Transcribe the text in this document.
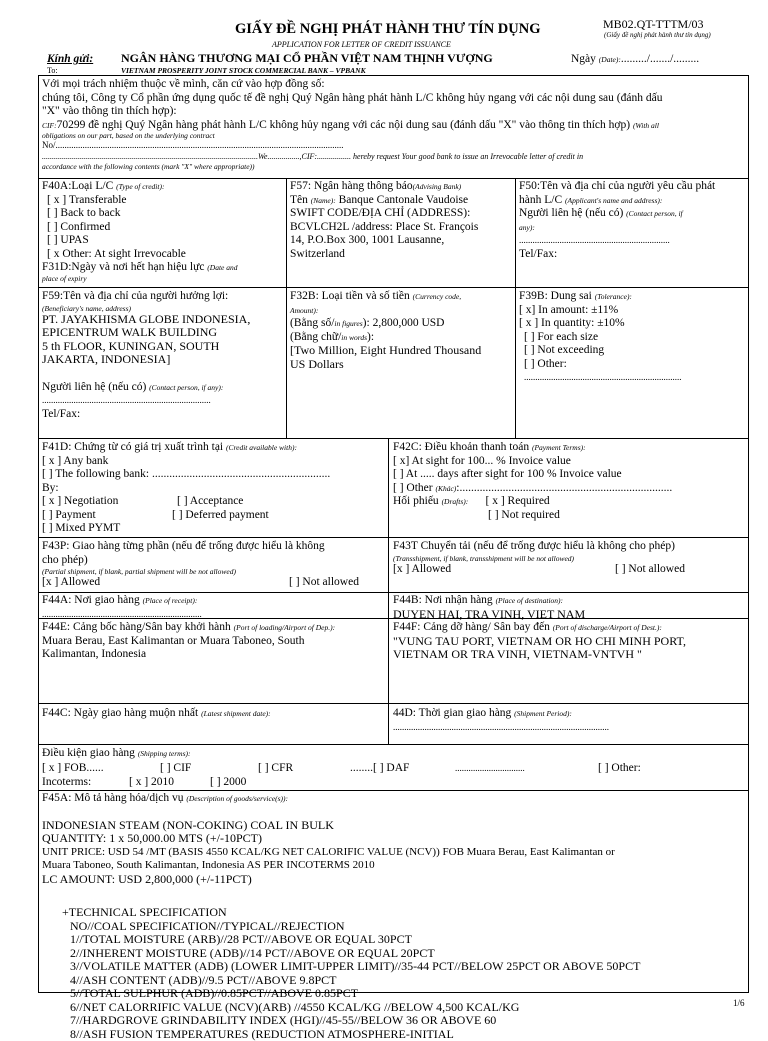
MB02.QT-TTTM/03
(Giấy đề nghị phát hành thư tín dụng)
GIẤY ĐỀ NGHỊ PHÁT HÀNH THƯ TÍN DỤNG
APPLICATION FOR LETTER OF CREDIT ISSUANCE
Kính gửi:
To:
NGÂN HÀNG THƯƠNG MẠI CỔ PHẦN VIỆT NAM THỊNH VƯỢNG
VIETNAM PROSPERITY JOINT STOCK COMMERCIAL BANK – VPBANK
Ngày (Date):........./......./.........
Với mọi trách nhiệm thuộc về mình, căn cứ vào hợp đồng số:
chúng tôi, Công ty Cổ phần ứng dụng quốc tế đề nghị Quý Ngân hàng phát hành L/C không hủy ngang với các nội dung sau (đánh dấu
"X" vào thông tin thích hợp):
CIF:70299 đề nghị Quý Ngân hàng phát hành L/C không hủy ngang với các nội dung sau (đánh dấu "X" vào thông tin thích hợp) (With all
obligations on our part, based on the underlying contract
No/................................................................................................................................
............................................................................................................We................,CIF:................. hereby request Your good bank to issue an Irrevocable letter of credit in
accordance with the following contents (mark "X" where appropriate))
F40A:Loại L/C (Type of credit):
[ x ] Transferable
[ ] Back to back
[ ] Confirmed
[ ] UPAS
[ x Other: At sight Irrevocable
F31D:Ngày và nơi hết hạn hiệu lực (Date and
place of expiry
F57: Ngân hàng thông báo(Advising Bank)
Tên (Name): Banque Cantonale Vaudoise
SWIFT CODE/ĐỊA CHỈ (ADDRESS):
BCVLCH2L /address: Place St. François
14, P.O.Box 300, 1001 Lausanne,
Switzerland
F50:Tên và địa chỉ của người yêu cầu phát
hành L/C (Applicant's name and address):
Người liên hệ (nếu có) (Contact person, if
any):
...................................................................
Tel/Fax:
F59:Tên và địa chỉ của người hưởng lợi:
(Beneficiary's name, address)
PT. JAYAKHISMA GLOBE INDONESIA,
EPICENTRUM WALK BUILDING
5 th FLOOR, KUNINGAN, SOUTH
JAKARTA, INDONESIA]
Người liên hệ (nếu có) (Contact person, if any):
...........................................................................
Tel/Fax:
F32B: Loại tiền và số tiền (Currency code,
Amount):
(Bằng số/in figures): 2,800,000 USD
(Bằng chữ/in words):
[Two Million, Eight Hundred Thousand
US Dollars
F39B: Dung sai (Tolerance):
[ x] In amount: ±11%
[ x ] In quantity: ±10%
[ ] For each size
[ ] Not exceeding
[ ] Other:
......................................................................
F41D: Chứng từ có giá trị xuất trình tại (Credit available with):
[ x ] Any bank
[ ] The following bank: ..............................................................
By:
[ x ] Negotiation	[ ] Acceptance
[ ] Payment	[ ] Deferred payment
[ ] Mixed PYMT
F42C: Điều khoản thanh toán (Payment Terms):
[ x] At sight for 100... % Invoice value
[ ] At ..... days after sight for 100 % Invoice value
[ ] Other (Khác):..........................................................................
Hối phiếu (Drafts): [ x ] Required
[ ] Not required
F43P: Giao hàng từng phần (nếu để trống được hiểu là không
cho phép)
(Partial shipment, if blank, partial shipment will be not allowed)
[x ] Allowed	[ ] Not allowed
F43T Chuyển tải (nếu để trống được hiểu là không cho phép)
(Transshipment, if blank, transshipment will be not allowed)
[x ] Allowed	[ ] Not allowed
F44A: Nơi giao hàng (Place of receipt):
.......................................................................
F44B: Nơi nhận hàng (Place of destination):
DUYEN HAI, TRA VINH, VIET NAM
F44E: Cảng bốc hàng/Sân bay khởi hành (Port of loading/Airport of Dep.):
Muara Berau, East Kalimantan or Muara Taboneo, South
Kalimantan, Indonesia
F44F: Cảng dỡ hàng/ Sân bay đến (Port of discharge/Airport of Dest.):
"VUNG TAU PORT, VIETNAM OR HO CHI MINH PORT,
VIETNAM OR TRA VINH, VIETNAM-VNTVH "
F44C: Ngày giao hàng muộn nhất (Latest shipment date):	44D: Thời gian giao hàng (Shipment Period):
................................................................................................
Điều kiện giao hàng (Shipping terms):
[ x ] FOB......	[ ] CIF	[ ] CFR	........[ ] DAF	...............................	[ ] Other:
Incoterms:	[ x ] 2010	[ ] 2000
F45A: Mô tả hàng hóa/dịch vụ (Description of goods/service(s)):
INDONESIAN STEAM (NON-COKING) COAL IN BULK
QUANTITY: 1 x 50,000.00 MTS (+/-10PCT)
UNIT PRICE: USD 54 /MT (BASIS 4550 KCAL/KG NET CALORIFIC VALUE (NCV)) FOB Muara Berau, East Kalimantan or
Muara Taboneo, South Kalimantan, Indonesia AS PER INCOTERMS 2010
LC AMOUNT: USD 2,800,000 (+/-11PCT)
+TECHNICAL SPECIFICATION
NO//COAL SPECIFICATION//TYPICAL//REJECTION
1//TOTAL MOISTURE (ARB)//28 PCT//ABOVE OR EQUAL 30PCT
2//INHERENT MOISTURE (ADB)//14 PCT//ABOVE OR EQUAL 20PCT
3//VOLATILE MATTER (ADB) (LOWER LIMIT-UPPER LIMIT)//35-44 PCT//BELOW 25PCT OR ABOVE 50PCT
4//ASH CONTENT (ADB)//9.5 PCT//ABOVE 9.8PCT
5//TOTAL SULPHUR (ADB)//0.85PCT//ABOVE 0.85PCT
6//NET CALORRIFIC VALUE (NCV)(ARB) //4550 KCAL/KG //BELOW 4,500 KCAL/KG
7//HARDGROVE GRINDABILITY INDEX (HGI)//45-55//BELOW 36 OR ABOVE 60
8//ASH FUSION TEMPERATURES (REDUCTION ATMOSPHERE-INITIAL
1/6
